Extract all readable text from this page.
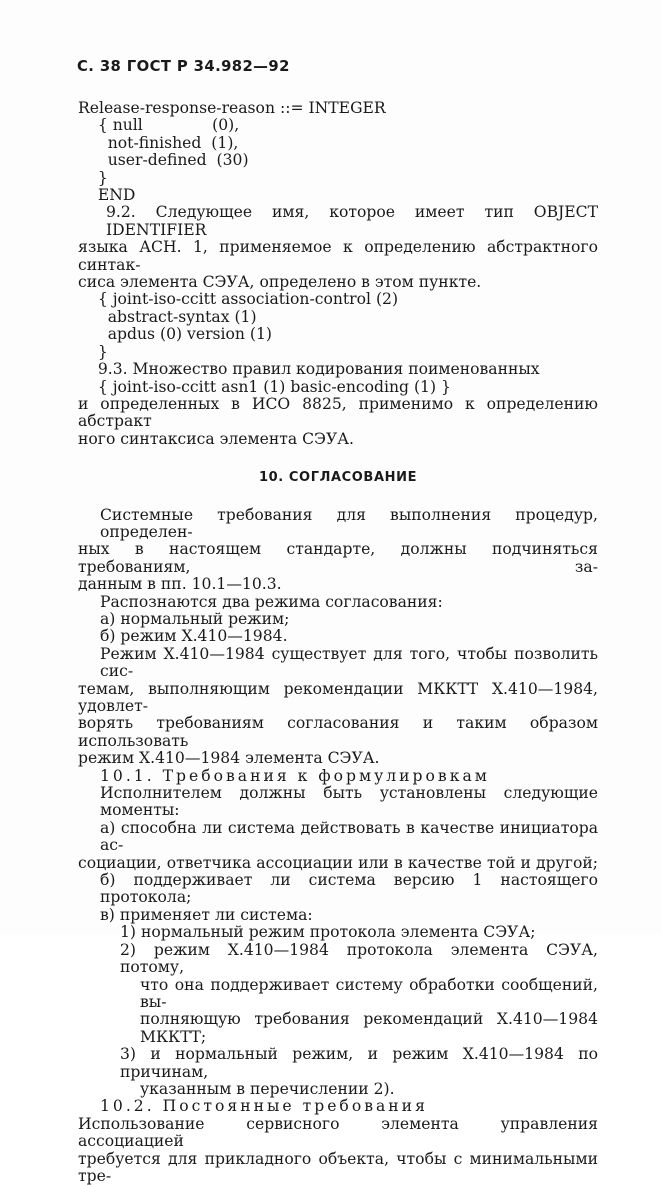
С. 38 ГОСТ Р 34.982—92
Release-response-reason ::= INTEGER
{ null              (0),
not-finished  (1),
user-defined  (30)
}
END
9.2. Следующее имя, которое имеет тип OBJECT IDENTIFIER
языка АСН. 1, применяемое к определению абстрактного синтак-
сиса элемента СЭУА, определено в этом пункте.
{ joint-iso-ccitt association-control (2)
abstract-syntax (1)
apdus (0) version (1)
}
9.3. Множество правил кодирования поименованных
{ joint-iso-ccitt asn1 (1) basic-encoding (1) }
и определенных в ИСО 8825, применимо к определению абстракт
ного синтаксиса элемента СЭУА.
10. СОГЛАСОВАНИЕ
Системные требования для выполнения процедур, определен-
ных в настоящем стандарте, должны подчиняться требованиям, за-
данным в пп. 10.1—10.3.
Распознаются два режима согласования:
а) нормальный режим;
б) режим X.410—1984.
Режим X.410—1984 существует для того, чтобы позволить сис-
темам, выполняющим рекомендации МККТТ X.410—1984, удовлет-
ворять требованиям согласования и таким образом использовать
режим X.410—1984 элемента СЭУА.
10.1. Требования к формулировкам
Исполнителем должны быть установлены следующие моменты:
а) способна ли система действовать в качестве инициатора ас-
социации, ответчика ассоциации или в качестве той и другой;
б) поддерживает ли система версию 1 настоящего протокола;
в) применяет ли система:
1) нормальный режим протокола элемента СЭУА;
2) режим X.410—1984 протокола элемента СЭУА, потому,
что она поддерживает систему обработки сообщений, вы-
полняющую требования рекомендаций X.410—1984
МККТТ;
3) и нормальный режим, и режим X.410—1984 по причинам,
указанным в перечислении 2).
10.2. Постоянные требования
Использование сервисного элемента управления ассоциацией
требуется для прикладного объекта, чтобы с минимальными тре-
